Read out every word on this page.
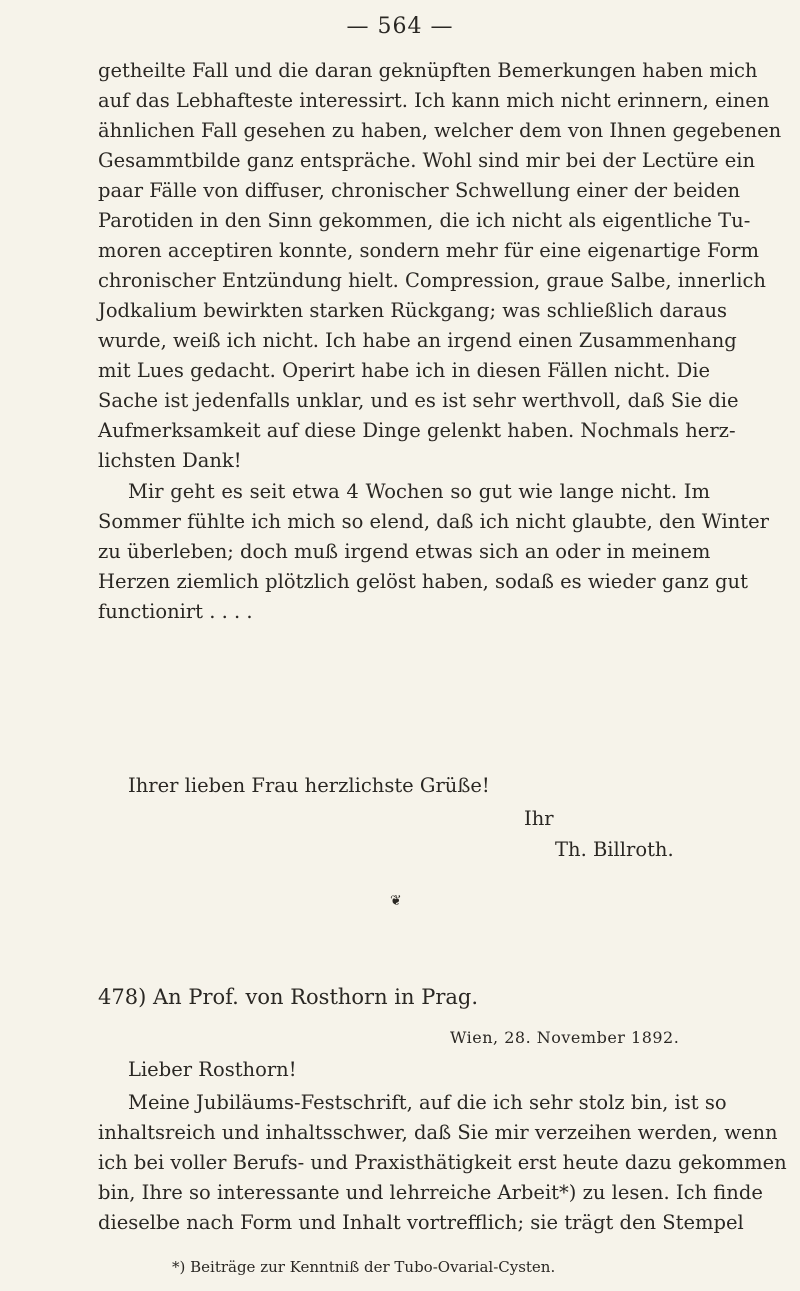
— 564 —
getheilte Fall und die daran geknüpften Bemerkungen haben mich
auf das Lebhafteste interessirt. Ich kann mich nicht erinnern, einen
ähnlichen Fall gesehen zu haben, welcher dem von Ihnen gegebenen
Gesammtbilde ganz entspräche. Wohl sind mir bei der Lectüre ein
paar Fälle von diffuser, chronischer Schwellung einer der beiden
Parotiden in den Sinn gekommen, die ich nicht als eigentliche Tu-
moren acceptiren konnte, sondern mehr für eine eigenartige Form
chronischer Entzündung hielt. Compression, graue Salbe, innerlich
Jodkalium bewirkten starken Rückgang; was schließlich daraus
wurde, weiß ich nicht. Ich habe an irgend einen Zusammenhang
mit Lues gedacht. Operirt habe ich in diesen Fällen nicht. Die
Sache ist jedenfalls unklar, und es ist sehr werthvoll, daß Sie die
Aufmerksamkeit auf diese Dinge gelenkt haben. Nochmals herz-
lichsten Dank!
Mir geht es seit etwa 4 Wochen so gut wie lange nicht. Im
Sommer fühlte ich mich so elend, daß ich nicht glaubte, den Winter
zu überleben; doch muß irgend etwas sich an oder in meinem
Herzen ziemlich plötzlich gelöst haben, sodaß es wieder ganz gut
functionirt . . . .
Ihrer lieben Frau herzlichste Grüße!
Ihr
Th. Billroth.
❦
478) An Prof. von Rosthorn in Prag.
Wien, 28. November 1892.
Lieber Rosthorn!
Meine Jubiläums-Festschrift, auf die ich sehr stolz bin, ist so
inhaltsreich und inhaltsschwer, daß Sie mir verzeihen werden, wenn
ich bei voller Berufs- und Praxisthätigkeit erst heute dazu gekommen
bin, Ihre so interessante und lehrreiche Arbeit*) zu lesen. Ich finde
dieselbe nach Form und Inhalt vortrefflich; sie trägt den Stempel
*) Beiträge zur Kenntniß der Tubo-Ovarial-Cysten.
